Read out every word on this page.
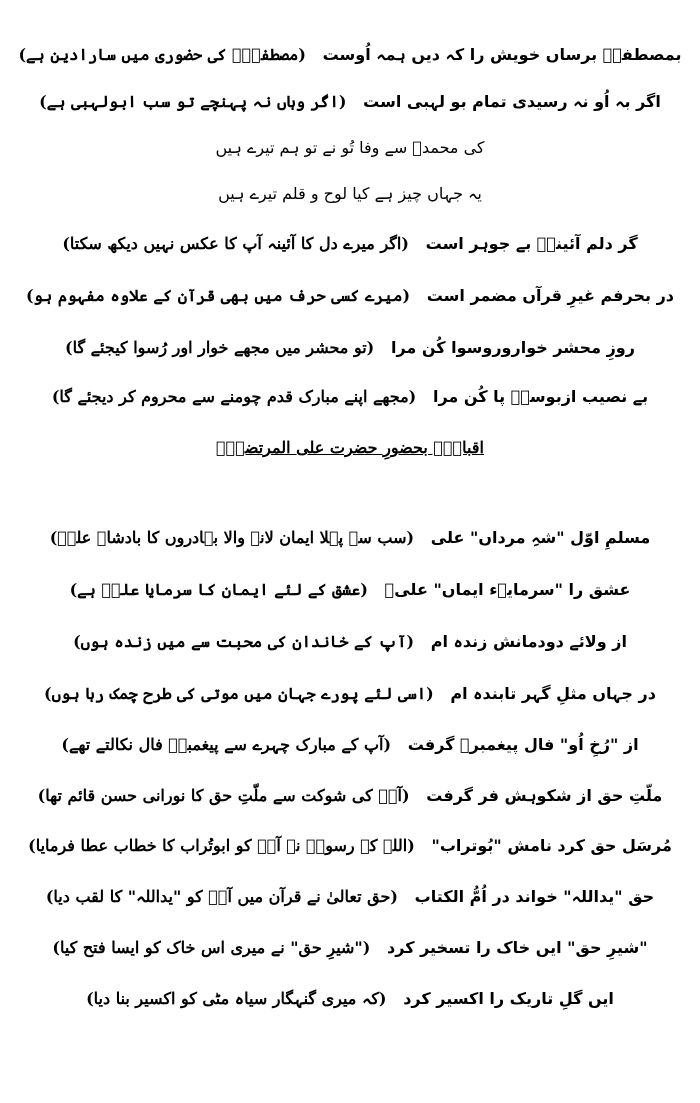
بمصطفےؐ برساں خویش را کہ دیں ہمہ اُوست   (مصطفیٰؐ کی حضوری میں سارادین ہے)
اگر بہ اُو نہ رسیدی تمام بو لہبی است   (اگر وہاں نہ پہنچے تو سب ابولہبی ہے)
کی محمدؐ سے وفا تُو نے تو ہم تیرے ہیں
یہ جہاں چیز ہے کیا لوح و قلم تیرے ہیں
گر دلم آئینہؑ بے جوہر است   (اگر میرے دل کا آئینہ آپ کا عکس نہیں دیکھ سکتا)
در بحرفم غیرِ قرآں مضمر است   (میرے کسی حرف میں بھی قرآن کے علاوہ مفہوم ہو)
روزِ محشر خواروروسوا کُن مرا   (تو محشر میں مجھے خوار اور رُسوا کیجئے گا)
بے نصیب ازبوسہؑ پا کُن مرا   (مجھے اپنے مبارک قدم چومنے سے محروم کر دیجئے گا)
اقبالؒ۔ بحضورِ حضرت علی المرتضیٰؓ
مسلمِ اوّل "شہِ مرداں" علی   (سب سے پہلا ایمان لانے والا بہادروں کا بادشاہ علیؓ)
عشق را "سرمایہء ایماں" علیؓ   (عشق کے لئے ایمان کا سرمایا علیؓ ہے)
از ولائے دودمانش زندہ ام   (آپ کے خاندان کی محبت سے میں زندہ ہوں)
در جہاں مثلِ گہر تابندہ ام   (اسی لئے پورے جہان میں موتی کی طرح چمک رہا ہوں)
از "رُخِ اُو" فال پیغمبرؐ گرفت   (آپ کے مبارک چہرے سے پیغمبرؐ فال نکالتے تھے)
ملّتِ حق از شکوہش فر گرفت   (آپؓ کی شوکت سے ملّتِ حق کا نورانی حسن قائم تھا)
مُرسَل حق کرد نامش "بُوتراب"   (اللہ کے رسولؐ نے آپؓ کو ابوتُراب کا خطاب عطا فرمایا)
حق "یداللہ" خواند در اُمُّ الکتاب   (حق تعالیٰ نے قرآن میں آپؓ کو "یداللہ" کا لقب دیا)
"شیرِ حق" ایں خاک را تسخیر کرد   ("شیرِ حق" نے میری اس خاک کو ایسا فتح کیا)
ایں گلِ تاریک را اکسیر کرد   (کہ میری گنہگار سیاہ مٹی کو اکسیر بنا دیا)
